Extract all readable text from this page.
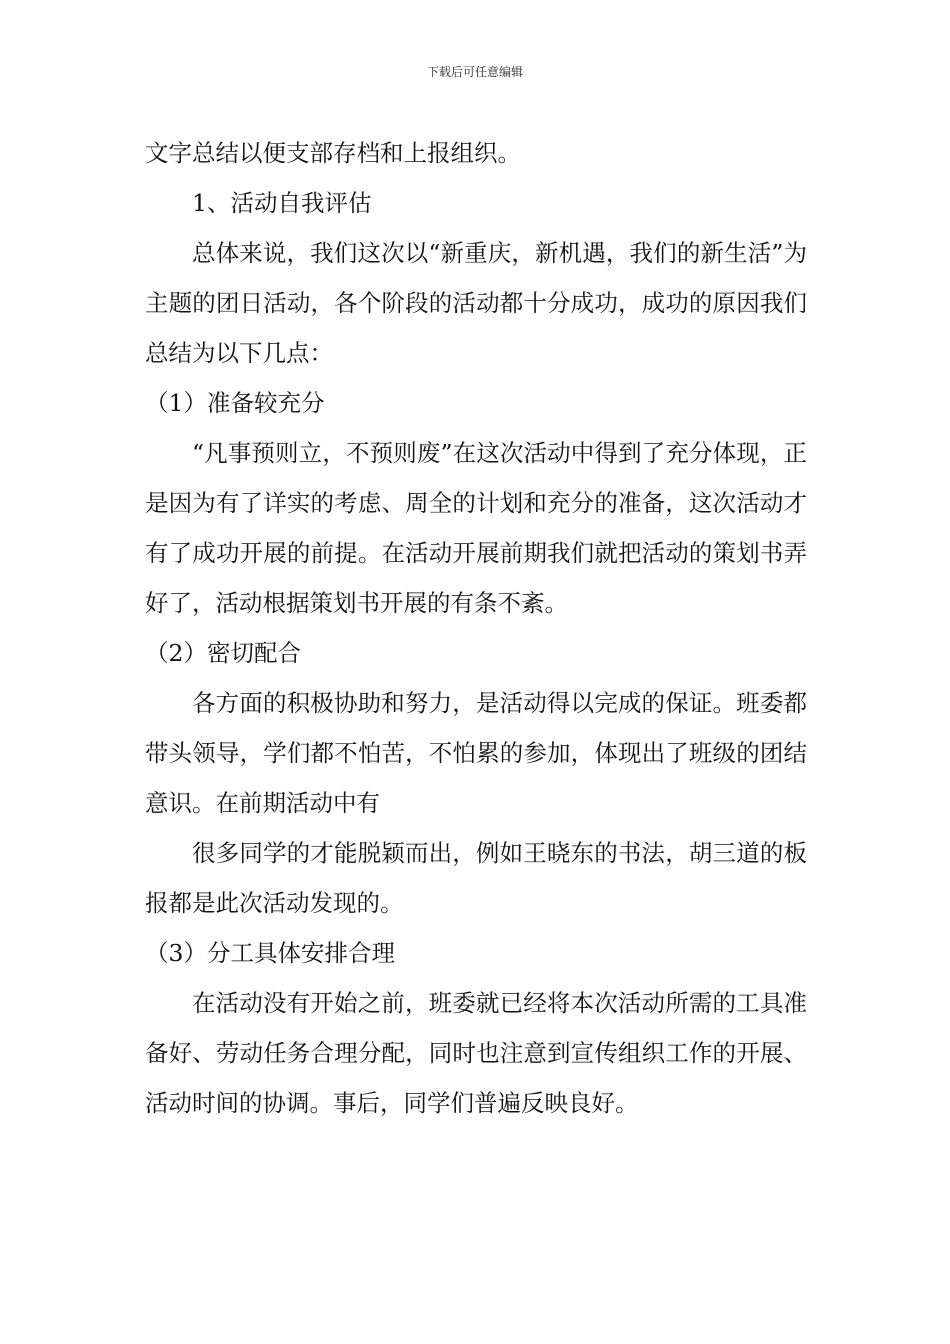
下载后可任意编辑

文字总结以便支部存档和上报组织。

1、活动自我评估

总体来说，我们这次以“新重庆，新机遇，我们的新生活”为主题的团日活动，各个阶段的活动都十分成功，成功的原因我们总结为以下几点：

（1）准备较充分

“凡事预则立，不预则废”在这次活动中得到了充分体现，正是因为有了详实的考虑、周全的计划和充分的准备，这次活动才有了成功开展的前提。在活动开展前期我们就把活动的策划书弄好了，活动根据策划书开展的有条不紊。

（2）密切配合

各方面的积极协助和努力，是活动得以完成的保证。班委都带头领导，学们都不怕苦，不怕累的参加，体现出了班级的团结意识。在前期活动中有

很多同学的才能脱颖而出，例如王晓东的书法，胡三道的板报都是此次活动发现的。

（3）分工具体安排合理

在活动没有开始之前，班委就已经将本次活动所需的工具准备好、劳动任务合理分配，同时也注意到宣传组织工作的开展、活动时间的协调。事后，同学们普遍反映良好。
